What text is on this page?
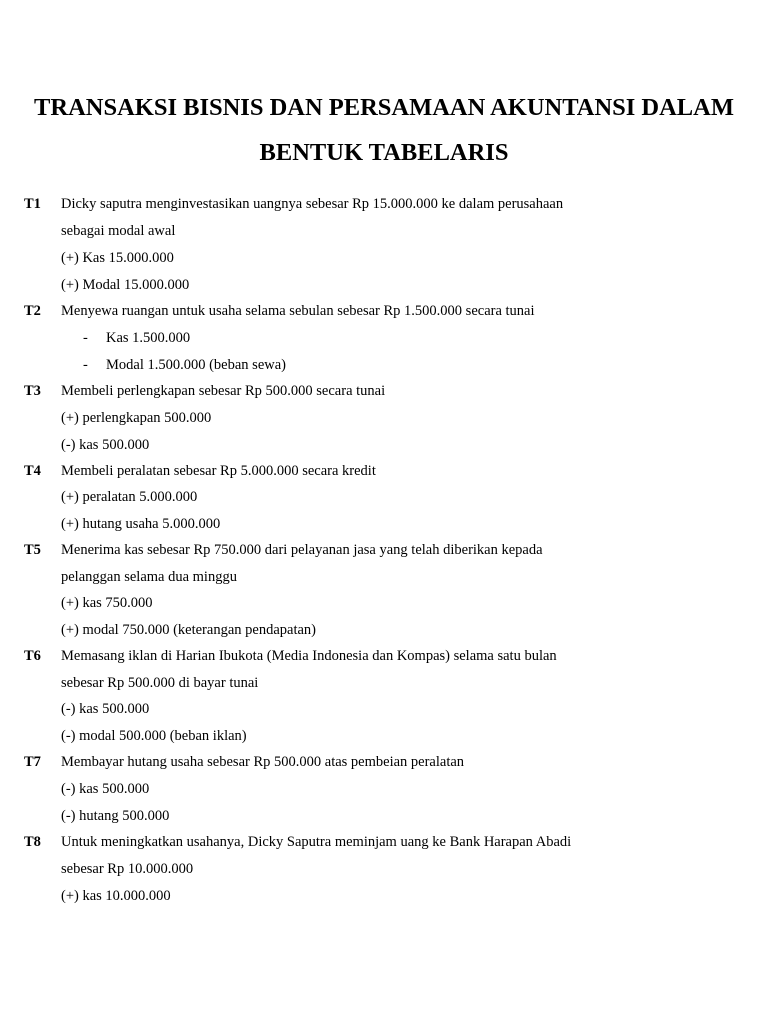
TRANSAKSI BISNIS DAN PERSAMAAN AKUNTANSI DALAM
BENTUK TABELARIS
T1 Dicky saputra menginvestasikan uangnya sebesar Rp 15.000.000 ke dalam perusahaan
sebagai modal awal
(+) Kas 15.000.000
(+) Modal 15.000.000
T2 Menyewa ruangan untuk usaha selama sebulan sebesar Rp 1.500.000 secara tunai
- Kas 1.500.000
- Modal 1.500.000 (beban sewa)
T3 Membeli perlengkapan sebesar Rp 500.000 secara tunai
(+) perlengkapan 500.000
(-) kas 500.000
T4 Membeli peralatan sebesar Rp 5.000.000 secara kredit
(+) peralatan 5.000.000
(+) hutang usaha 5.000.000
T5 Menerima kas sebesar Rp 750.000 dari pelayanan jasa yang telah diberikan kepada
pelanggan selama dua minggu
(+) kas 750.000
(+) modal 750.000 (keterangan pendapatan)
T6 Memasang iklan di Harian Ibukota (Media Indonesia dan Kompas) selama satu bulan
sebesar Rp 500.000 di bayar tunai
(-) kas 500.000
(-) modal 500.000 (beban iklan)
T7 Membayar hutang usaha sebesar Rp 500.000 atas pembeian peralatan
(-) kas 500.000
(-) hutang 500.000
T8 Untuk meningkatkan usahanya, Dicky Saputra meminjam uang ke Bank Harapan Abadi
sebesar Rp 10.000.000
(+) kas 10.000.000
